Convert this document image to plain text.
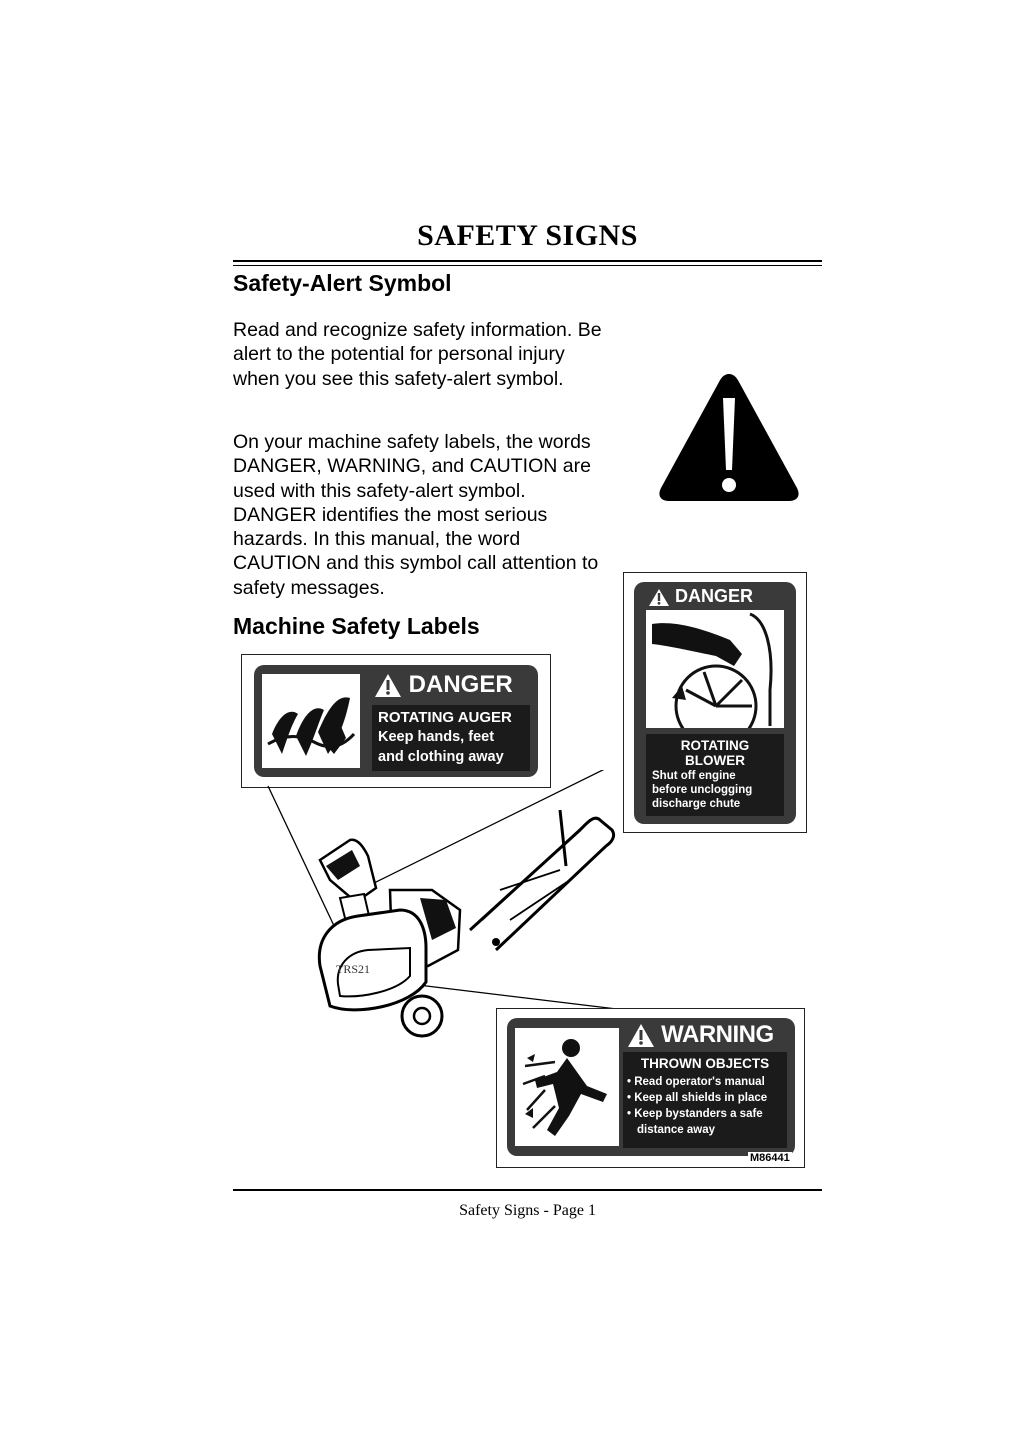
SAFETY SIGNS
Safety-Alert Symbol
Read and recognize safety information. Be alert to the potential for personal injury when you see this safety-alert symbol.
On your machine safety labels, the words DANGER, WARNING, and CAUTION are used with this safety-alert symbol. DANGER identifies the most serious hazards. In this manual, the word CAUTION and this symbol call attention to safety messages.
Machine Safety Labels
DANGER
ROTATING AUGER
Keep hands, feet
and clothing away
DANGER
ROTATING
BLOWER
Shut off engine
before unclogging
discharge chute
TRS21
WARNING
THROWN OBJECTS
• Read operator's manual
• Keep all shields in place
• Keep bystanders a safe
distance away
M86441
Safety Signs - Page 1
